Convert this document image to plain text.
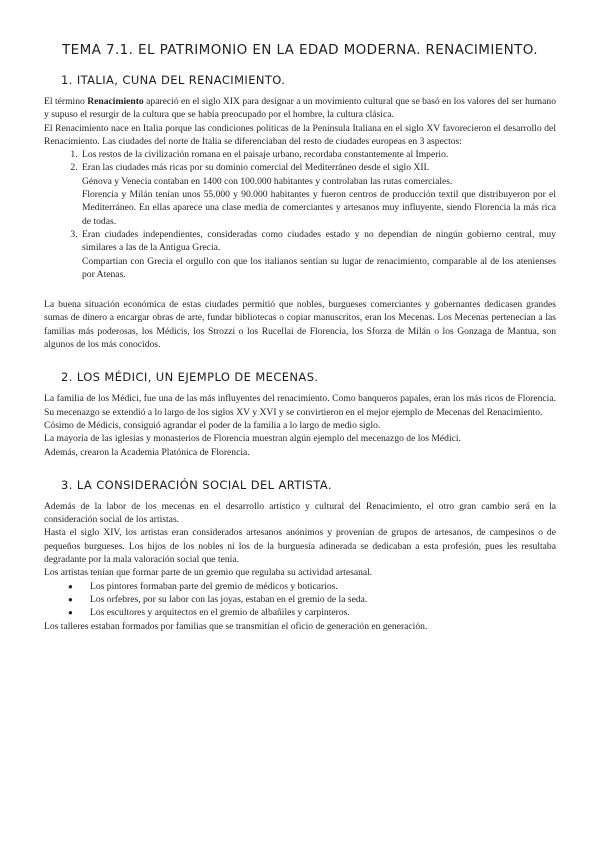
TEMA 7.1. EL PATRIMONIO EN LA EDAD MODERNA. RENACIMIENTO.
1. ITALIA, CUNA DEL RENACIMIENTO.

El término Renacimiento apareció en el siglo XIX para designar a un movimiento cultural que se basó en los valores del ser humano y supuso el resurgir de la cultura que se había preocupado por el hombre, la cultura clásica.

El Renacimiento nace en Italia porque las condiciones políticas de la Península Italiana en el siglo XV favorecieron el desarrollo del Renacimiento. Las ciudades del norte de Italia se diferenciaban del resto de ciudades europeas en 3 aspectos:

1. Los restos de la civilización romana en el paisaje urbano, recordaba constantemente al Imperio.
2. Eran las ciudades más ricas por su dominio comercial del Mediterráneo desde el siglo XII.
Génova y Venecia contaban en 1400 con 100.000 habitantes y controlaban las rutas comerciales.
Florencia y Milán tenían unos 55.000 y 90.000 habitantes y fueron centros de producción textil que distribuyeron por el Mediterráneo. En ellas aparece una clase media de comerciantes y artesanos muy influyente, siendo Florencia la más rica de todas.
3. Eran ciudades independientes, consideradas como ciudades estado y no dependían de ningún gobierno central, muy similares a las de la Antigua Grecia.
Compartían con Grecia el orgullo con que los italianos sentían su lugar de renacimiento, comparable al de los atenienses por Atenas.

La buena situación económica de estas ciudades permitió que nobles, burgueses comerciantes y gobernantes dedicasen grandes sumas de dinero a encargar obras de arte, fundar bibliotecas o copiar manuscritos, eran los Mecenas. Los Mecenas pertenecían a las familias más poderosas, los Médicis, los Strozzi o los Rucellai de Florencia, los Sforza de Milán o los Gonzaga de Mantua, son algunos de los más conocidos.

2. LOS MÉDICI, UN EJEMPLO DE MECENAS.

La familia de los Médici, fue una de las más influyentes del renacimiento. Como banqueros papales, eran los más ricos de Florencia. Su mecenazgo se extendió a lo largo de los siglos XV y XVI y se convirtieron en el mejor ejemplo de Mecenas del Renacimiento.

Cósimo de Médicis, consiguió agrandar el poder de la familia a lo largo de medio siglo.

La mayoría de las iglesias y monasterios de Florencia muestran algún ejemplo del mecenazgo de los Médici.

Además, crearon la Academia Platónica de Florencia.

3. LA CONSIDERACIÓN SOCIAL DEL ARTISTA.

Además de la labor de los mecenas en el desarrollo artístico y cultural del Renacimiento, el otro gran cambio será en la consideración social de los artistas.

Hasta el siglo XIV, los artistas eran considerados artesanos anónimos y provenían de grupos de artesanos, de campesinos o de pequeños burgueses. Los hijos de los nobles ni los de la burguesía adinerada se dedicaban a esta profesión, pues les resultaba degradante por la mala valoración social que tenía.

Los artistas tenían que formar parte de un gremio que regulaba su actividad artesanal.

● Los pintores formaban parte del gremio de médicos y boticarios.
● Los orfebres, por su labor con las joyas, estaban en el gremio de la seda.
● Los escultores y arquitectos en el gremio de albañiles y carpinteros.

Los talleres estaban formados por familias que se transmitían el oficio de generación en generación.
